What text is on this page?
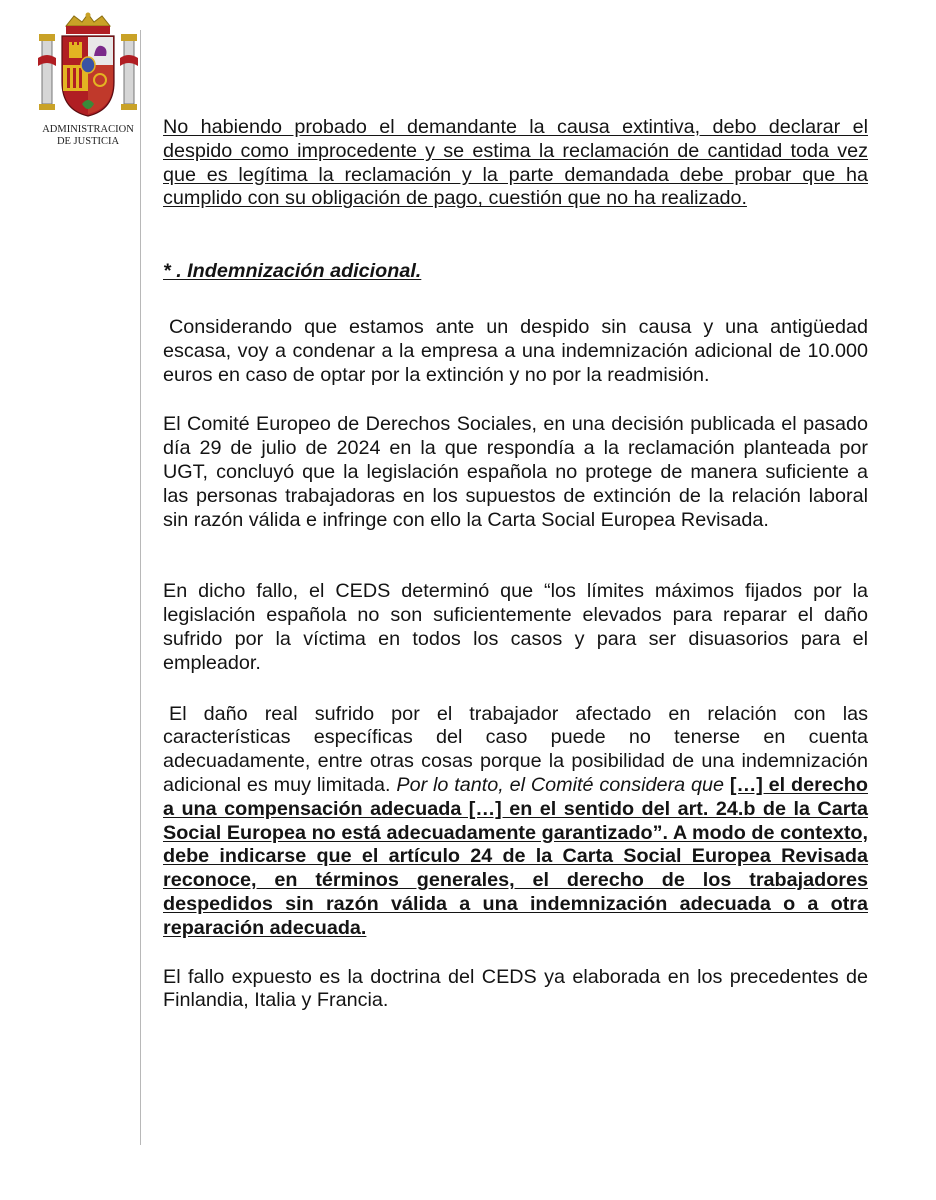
ADMINISTRACION
DE JUSTICIA

No habiendo probado el demandante la causa extintiva, debo declarar el despido como improcedente y se estima la reclamación de cantidad toda vez que es legítima la reclamación y la parte demandada debe probar que ha cumplido con su obligación de pago, cuestión que no ha realizado.

* . Indemnización adicional.

Considerando que estamos ante un despido sin causa y una antigüedad escasa, voy a condenar a la empresa a una indemnización adicional de 10.000 euros en caso de optar por la extinción y no por la readmisión.

El Comité Europeo de Derechos Sociales, en una decisión publicada el pasado día 29 de julio de 2024 en la que respondía a la reclamación planteada por UGT, concluyó que la legislación española no protege de manera suficiente a las personas trabajadoras en los supuestos de extinción de la relación laboral sin razón válida e infringe con ello la Carta Social Europea Revisada.

En dicho fallo, el CEDS determinó que “los límites máximos fijados por la legislación española no son suficientemente elevados para reparar el daño sufrido por la víctima en todos los casos y para ser disuasorios para el empleador.

El daño real sufrido por el trabajador afectado en relación con las características específicas del caso puede no tenerse en cuenta adecuadamente, entre otras cosas porque la posibilidad de una indemnización adicional es muy limitada. Por lo tanto, el Comité considera que […] el derecho a una compensación adecuada […] en el sentido del art. 24.b de la Carta Social Europea no está adecuadamente garantizado”. A modo de contexto, debe indicarse que el artículo 24 de la Carta Social Europea Revisada reconoce, en términos generales, el derecho de los trabajadores despedidos sin razón válida a una indemnización adecuada o a otra reparación adecuada.

El fallo expuesto es la doctrina del CEDS ya elaborada en los precedentes de Finlandia, Italia y Francia.
